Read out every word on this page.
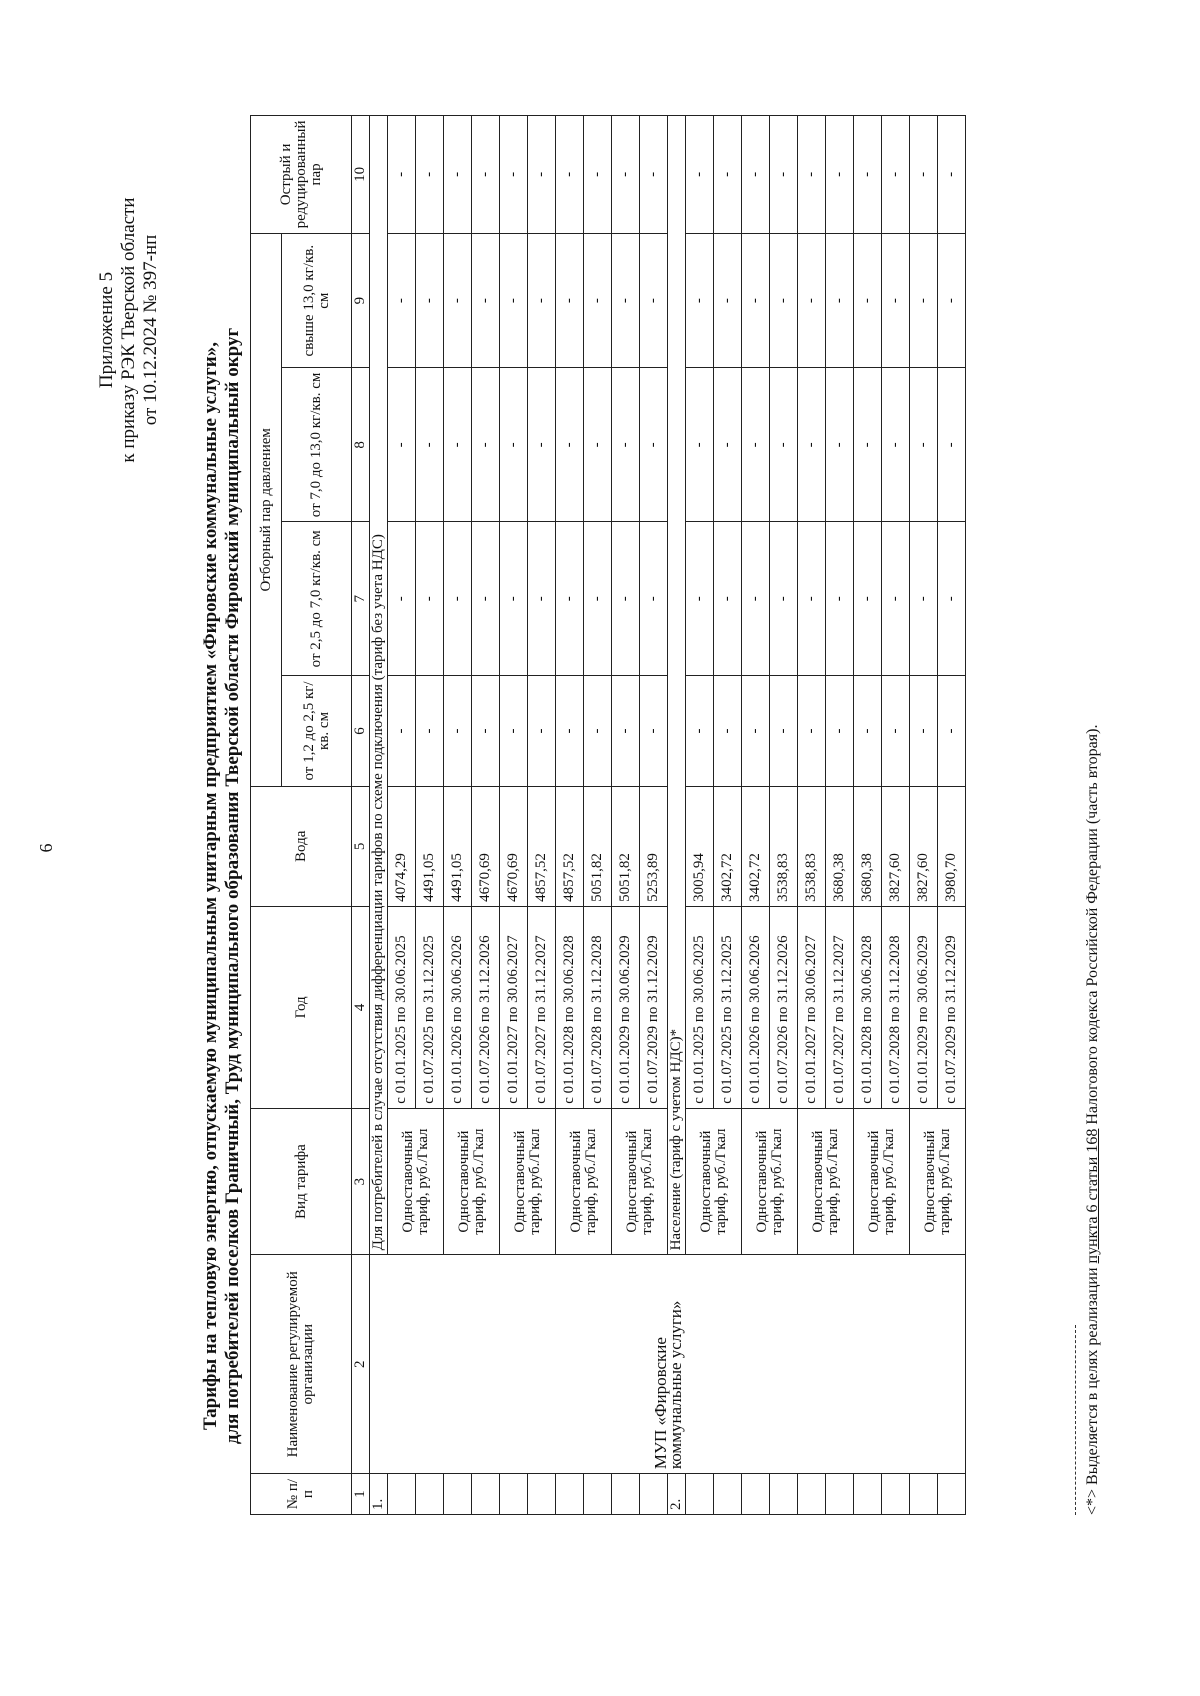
6
Приложение 5 к приказу РЭК Тверской области от 10.12.2024 № 397-нп
Тарифы на тепловую энергию, отпускаемую муниципальным унитарным предприятием «Фировские коммунальные услуги», для потребителей поселков Граничный, Труд муниципального образования Тверской области Фировский муниципальный округ
№ п/ п	Наименование регулируемой организации	Вид тарифа	Год	Вода	Отборный пар давлением				Острый и редуцированный пар
					от 1,2 до 2,5 кг/кв. см	от 2,5 до 7,0 кг/кв. см	от 7,0 до 13,0 кг/кв. см	свыше 13,0 кг/кв. см	
1	2	3	4	5	6	7	8	9	10
1.	МУП «Фировские коммунальные услуги»	Для потребителей в случае отсутствия дифференциации тарифов по схеме подключения (тариф без учета НДС)							
		Одноставочный тариф, руб./Гкал	с 01.01.2025 по 30.06.2025	4074,29	-	-	-	-	-
			с 01.07.2025 по 31.12.2025	4491,05	-	-	-	-	-
		Одноставочный тариф, руб./Гкал	с 01.01.2026 по 30.06.2026	4491,05	-	-	-	-	-
			с 01.07.2026 по 31.12.2026	4670,69	-	-	-	-	-
		Одноставочный тариф, руб./Гкал	с 01.01.2027 по 30.06.2027	4670,69	-	-	-	-	-
			с 01.07.2027 по 31.12.2027	4857,52	-	-	-	-	-
		Одноставочный тариф, руб./Гкал	с 01.01.2028 по 30.06.2028	4857,52	-	-	-	-	-
			с 01.07.2028 по 31.12.2028	5051,82	-	-	-	-	-
		Одноставочный тариф, руб./Гкал	с 01.01.2029 по 30.06.2029	5051,82	-	-	-	-	-
			с 01.07.2029 по 31.12.2029	5253,89	-	-	-	-	-
2.		Население (тариф с учетом НДС)*							
		Одноставочный тариф, руб./Гкал	с 01.01.2025 по 30.06.2025	3005,94	-	-	-	-	-
			с 01.07.2025 по 31.12.2025	3402,72	-	-	-	-	-
		Одноставочный тариф, руб./Гкал	с 01.01.2026 по 30.06.2026	3402,72	-	-	-	-	-
			с 01.07.2026 по 31.12.2026	3538,83	-	-	-	-	-
		Одноставочный тариф, руб./Гкал	с 01.01.2027 по 30.06.2027	3538,83	-	-	-	-	-
			с 01.07.2027 по 31.12.2027	3680,38	-	-	-	-	-
		Одноставочный тариф, руб./Гкал	с 01.01.2028 по 30.06.2028	3680,38	-	-	-	-	-
			с 01.07.2028 по 31.12.2028	3827,60	-	-	-	-	-
		Одноставочный тариф, руб./Гкал	с 01.01.2029 по 30.06.2029	3827,60	-	-	-	-	-
			с 01.07.2029 по 31.12.2029	3980,70	-	-	-	-	-
<*> Выделяется в целях реализации пункта 6 статьи 168 Налогового кодекса Российской Федерации (часть вторая).
